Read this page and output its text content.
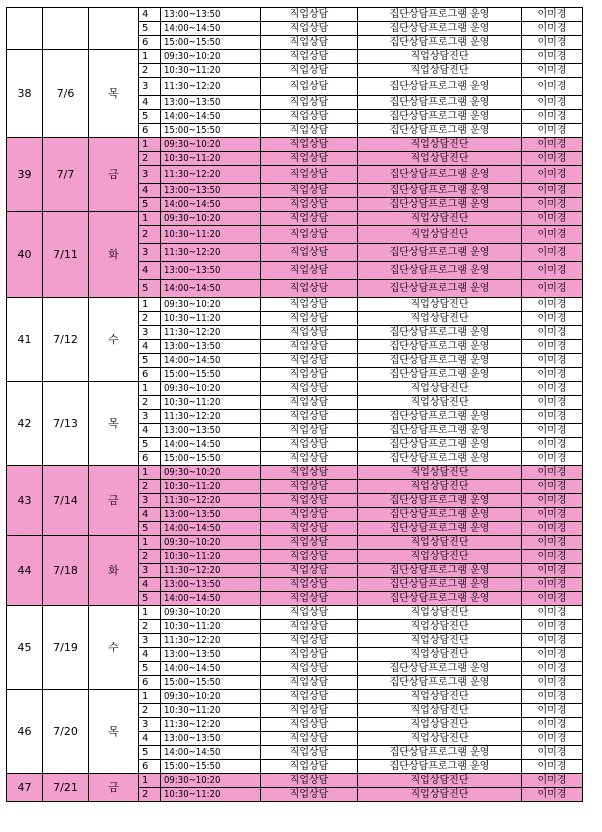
			4	13:00~13:50	직업상담	집단상담프로그램 운영	이미경
			5	14:00~14:50	직업상담	집단상담프로그램 운영	이미경
			6	15:00~15:50	직업상담	집단상담프로그램 운영	이미경
38	7/6	목	1	09:30~10:20	직업상담	직업상담진단	이미경
			2	10:30~11:20	직업상담	직업상담진단	이미경
			3	11:30~12:20	직업상담	집단상담프로그램 운영	이미경
			4	13:00~13:50	직업상담	집단상담프로그램 운영	이미경
			5	14:00~14:50	직업상담	집단상담프로그램 운영	이미경
			6	15:00~15:50	직업상담	집단상담프로그램 운영	이미경
39	7/7	금	1	09:30~10:20	직업상담	직업상담진단	이미경
			2	10:30~11:20	직업상담	직업상담진단	이미경
			3	11:30~12:20	직업상담	집단상담프로그램 운영	이미경
			4	13:00~13:50	직업상담	집단상담프로그램 운영	이미경
			5	14:00~14:50	직업상담	집단상담프로그램 운영	이미경
40	7/11	화	1	09:30~10:20	직업상담	직업상담진단	이미경
			2	10:30~11:20	직업상담	직업상담진단	이미경
			3	11:30~12:20	직업상담	집단상담프로그램 운영	이미경
			4	13:00~13:50	직업상담	집단상담프로그램 운영	이미경
			5	14:00~14:50	직업상담	집단상담프로그램 운영	이미경
41	7/12	수	1	09:30~10:20	직업상담	직업상담진단	이미경
			2	10:30~11:20	직업상담	직업상담진단	이미경
			3	11:30~12:20	직업상담	집단상담프로그램 운영	이미경
			4	13:00~13:50	직업상담	집단상담프로그램 운영	이미경
			5	14:00~14:50	직업상담	집단상담프로그램 운영	이미경
			6	15:00~15:50	직업상담	집단상담프로그램 운영	이미경
42	7/13	목	1	09:30~10:20	직업상담	직업상담진단	이미경
			2	10:30~11:20	직업상담	직업상담진단	이미경
			3	11:30~12:20	직업상담	집단상담프로그램 운영	이미경
			4	13:00~13:50	직업상담	집단상담프로그램 운영	이미경
			5	14:00~14:50	직업상담	집단상담프로그램 운영	이미경
			6	15:00~15:50	직업상담	집단상담프로그램 운영	이미경
43	7/14	금	1	09:30~10:20	직업상담	직업상담진단	이미경
			2	10:30~11:20	직업상담	직업상담진단	이미경
			3	11:30~12:20	직업상담	집단상담프로그램 운영	이미경
			4	13:00~13:50	직업상담	집단상담프로그램 운영	이미경
			5	14:00~14:50	직업상담	집단상담프로그램 운영	이미경
44	7/18	화	1	09:30~10:20	직업상담	직업상담진단	이미경
			2	10:30~11:20	직업상담	직업상담진단	이미경
			3	11:30~12:20	직업상담	집단상담프로그램 운영	이미경
			4	13:00~13:50	직업상담	집단상담프로그램 운영	이미경
			5	14:00~14:50	직업상담	집단상담프로그램 운영	이미경
45	7/19	수	1	09:30~10:20	직업상담	직업상담진단	이미경
			2	10:30~11:20	직업상담	직업상담진단	이미경
			3	11:30~12:20	직업상담	직업상담진단	이미경
			4	13:00~13:50	직업상담	직업상담진단	이미경
			5	14:00~14:50	직업상담	집단상담프로그램 운영	이미경
			6	15:00~15:50	직업상담	집단상담프로그램 운영	이미경
46	7/20	목	1	09:30~10:20	직업상담	직업상담진단	이미경
			2	10:30~11:20	직업상담	직업상담진단	이미경
			3	11:30~12:20	직업상담	직업상담진단	이미경
			4	13:00~13:50	직업상담	직업상담진단	이미경
			5	14:00~14:50	직업상담	집단상담프로그램 운영	이미경
			6	15:00~15:50	직업상담	집단상담프로그램 운영	이미경
47	7/21	금	1	09:30~10:20	직업상담	직업상담진단	이미경
			2	10:30~11:20	직업상담	직업상담진단	이미경
